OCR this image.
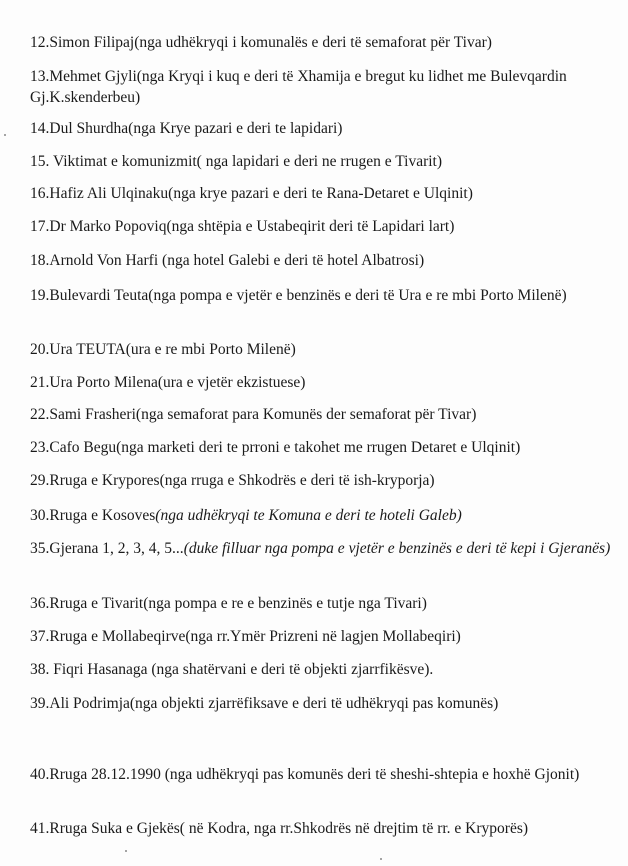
12.Simon Filipaj(nga udhëkryqi i komunalës e deri të semaforat për Tivar)
13.Mehmet Gjyli(nga Kryqi i kuq e deri të Xhamija e bregut ku lidhet me Bulevqardin Gj.K.skenderbeu)
14.Dul Shurdha(nga Krye pazari e deri te lapidari)
15. Viktimat e komunizmit( nga lapidari e deri ne rrugen e Tivarit)
16.Hafiz Ali Ulqinaku(nga krye pazari e deri te Rana-Detaret e Ulqinit)
17.Dr Marko Popoviq(nga shtëpia e Ustabeqirit deri të Lapidari lart)
18.Arnold Von Harfi (nga hotel Galebi e deri të hotel Albatrosi)
19.Bulevardi Teuta(nga pompa e vjetër e benzinës e deri të Ura e re mbi Porto Milenë)
20.Ura TEUTA(ura e re mbi Porto Milenë)
21.Ura Porto Milena(ura e vjetër ekzistuese)
22.Sami Frasheri(nga semaforat para Komunës der semaforat për Tivar)
23.Cafo Begu(nga marketi deri te prroni e takohet me rrugen Detaret e Ulqinit)
29.Rruga e Krypores(nga rruga e Shkodrës e deri të ish-kryporja)
30.Rruga e Kosoves(nga udhëkryqi te Komuna e deri te hoteli Galeb)
35.Gjerana 1, 2, 3, 4, 5...(duke filluar nga pompa e vjetër e benzinës e deri të kepi i Gjeranës)
36.Rruga e Tivarit(nga pompa e re e benzinës e tutje nga Tivari)
37.Rruga e Mollabeqirve(nga rr.Ymër Prizreni në lagjen Mollabeqiri)
38. Fiqri Hasanaga (nga shatërvani e deri të objekti zjarrfikësve).
39.Ali Podrimja(nga objekti zjarrëfiksave e deri të udhëkryqi pas komunës)
40.Rruga 28.12.1990 (nga udhëkryqi pas komunës deri të sheshi-shtepia e hoxhë Gjonit)
41.Rruga Suka e Gjekës( në Kodra, nga rr.Shkodrës në drejtim të rr. e Kryporës)
